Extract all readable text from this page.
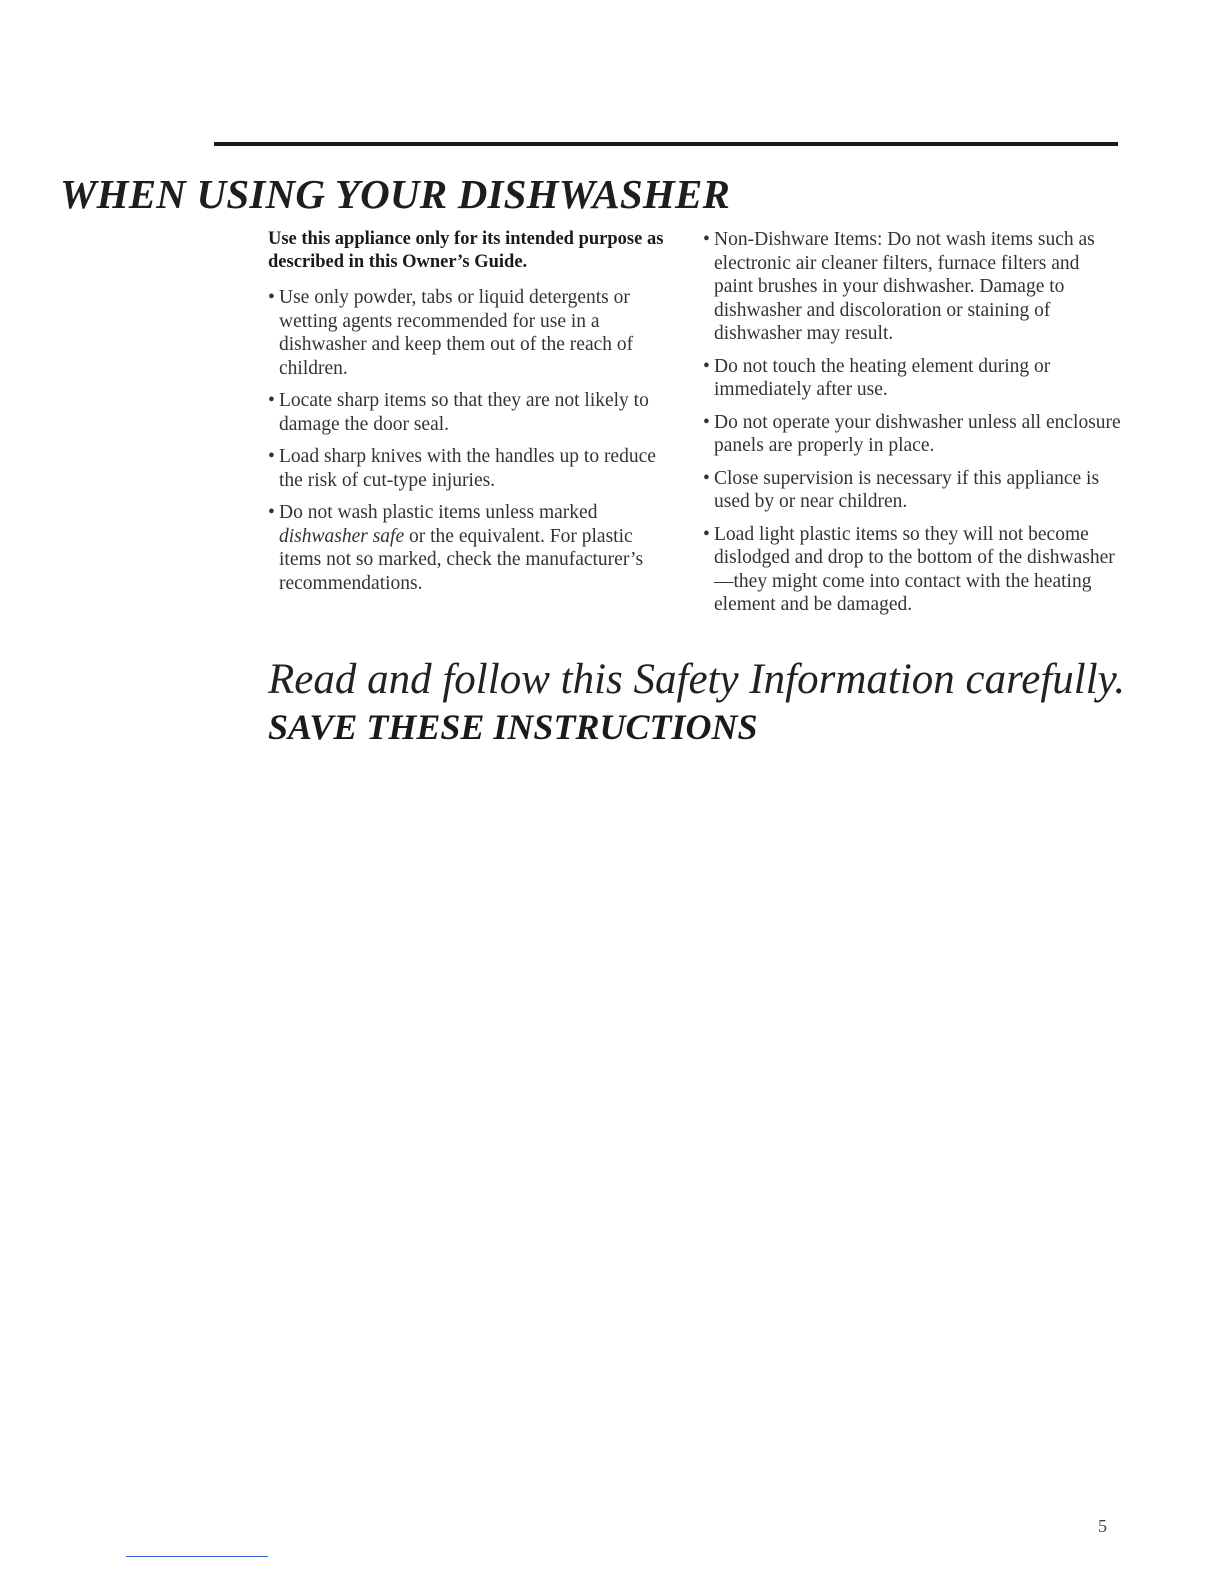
WHEN USING YOUR DISHWASHER

Use this appliance only for its intended purpose as described in this Owner’s Guide.

• Use only powder, tabs or liquid detergents or wetting agents recommended for use in a dishwasher and keep them out of the reach of children.
• Locate sharp items so that they are not likely to damage the door seal.
• Load sharp knives with the handles up to reduce the risk of cut-type injuries.
• Do not wash plastic items unless marked dishwasher safe or the equivalent. For plastic items not so marked, check the manufacturer’s recommendations.
• Non-Dishware Items: Do not wash items such as electronic air cleaner filters, furnace filters and paint brushes in your dishwasher. Damage to dishwasher and discoloration or staining of dishwasher may result.
• Do not touch the heating element during or immediately after use.
• Do not operate your dishwasher unless all enclosure panels are properly in place.
• Close supervision is necessary if this appliance is used by or near children.
• Load light plastic items so they will not become dislodged and drop to the bottom of the dishwasher—they might come into contact with the heating element and be damaged.

Read and follow this Safety Information carefully.

SAVE THESE INSTRUCTIONS

5
